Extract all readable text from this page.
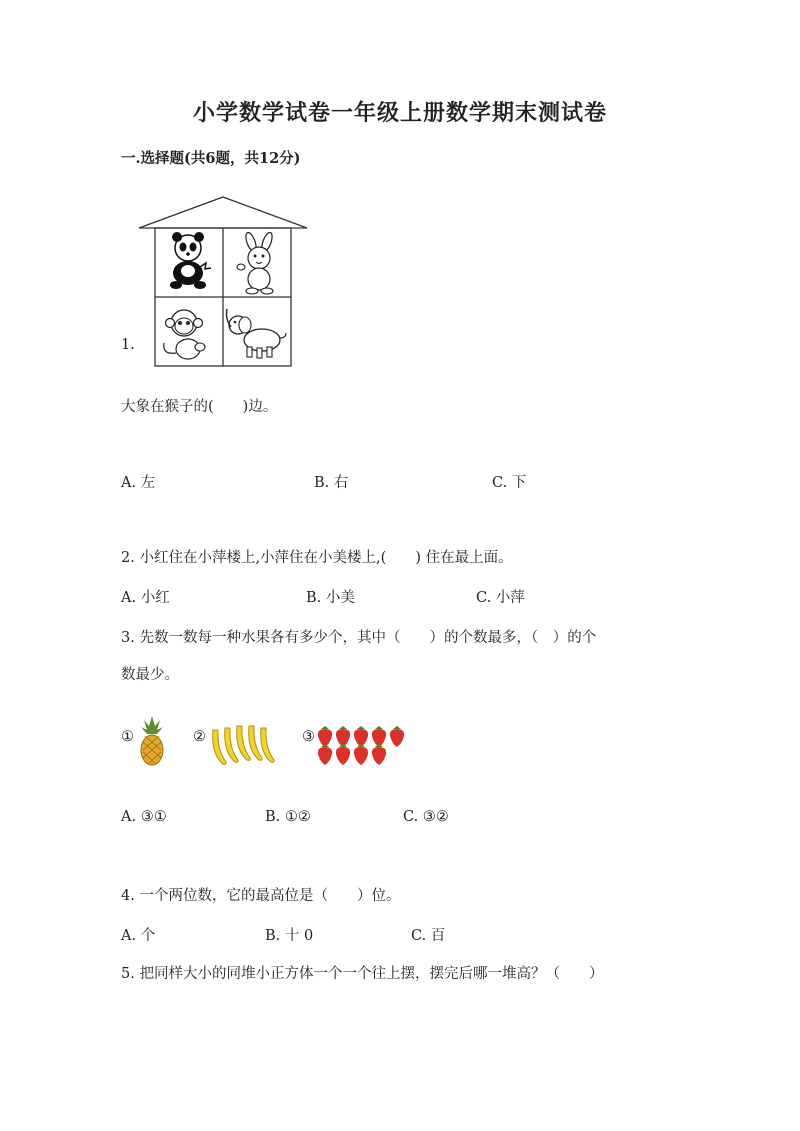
小学数学试卷一年级上册数学期末测试卷
一.选择题(共6题，共12分)
1.
大象在猴子的(　　)边。
A. 左	B. 右	C. 下
2. 小红住在小萍楼上,小萍住在小美楼上,(　　) 住在最上面。
A. 小红	B. 小美	C. 小萍
3. 先数一数每一种水果各有多少个，其中（　　）的个数最多，（　）的个
数最少。
①	②	③
A. ③①	B. ①②	C. ③②
4. 一个两位数，它的最高位是（　　）位。
A. 个	B. 十 0	C. 百
5. 把同样大小的同堆小正方体一个一个往上摆，摆完后哪一堆高？（　　）
